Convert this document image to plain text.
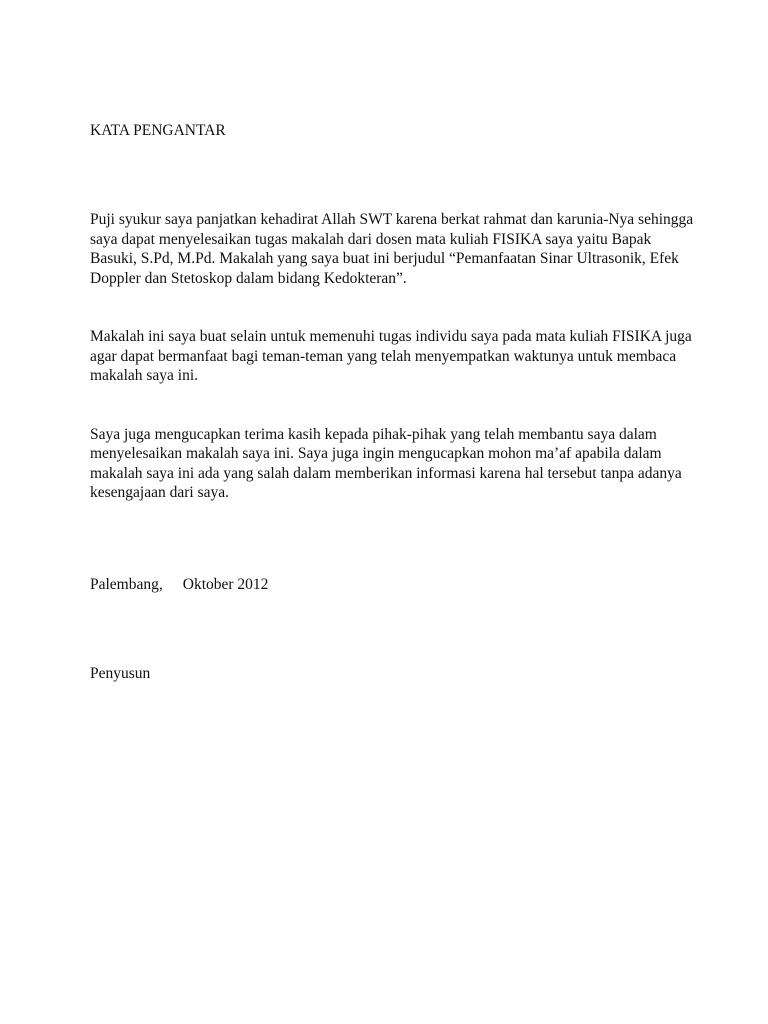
KATA PENGANTAR

Puji syukur saya panjatkan kehadirat Allah SWT karena berkat rahmat dan karunia-Nya sehingga
saya dapat menyelesaikan tugas makalah dari dosen mata kuliah FISIKA saya yaitu Bapak
Basuki, S.Pd, M.Pd. Makalah yang saya buat ini berjudul “Pemanfaatan Sinar Ultrasonik, Efek
Doppler dan Stetoskop dalam bidang Kedokteran”.

Makalah ini saya buat selain untuk memenuhi tugas individu saya pada mata kuliah FISIKA juga
agar dapat bermanfaat bagi teman-teman yang telah menyempatkan waktunya untuk membaca
makalah saya ini.

Saya juga mengucapkan terima kasih kepada pihak-pihak yang telah membantu saya dalam
menyelesaikan makalah saya ini. Saya juga ingin mengucapkan mohon ma’af apabila dalam
makalah saya ini ada yang salah dalam memberikan informasi karena hal tersebut tanpa adanya
kesengajaan dari saya.

Palembang, Oktober 2012
Penyusun
